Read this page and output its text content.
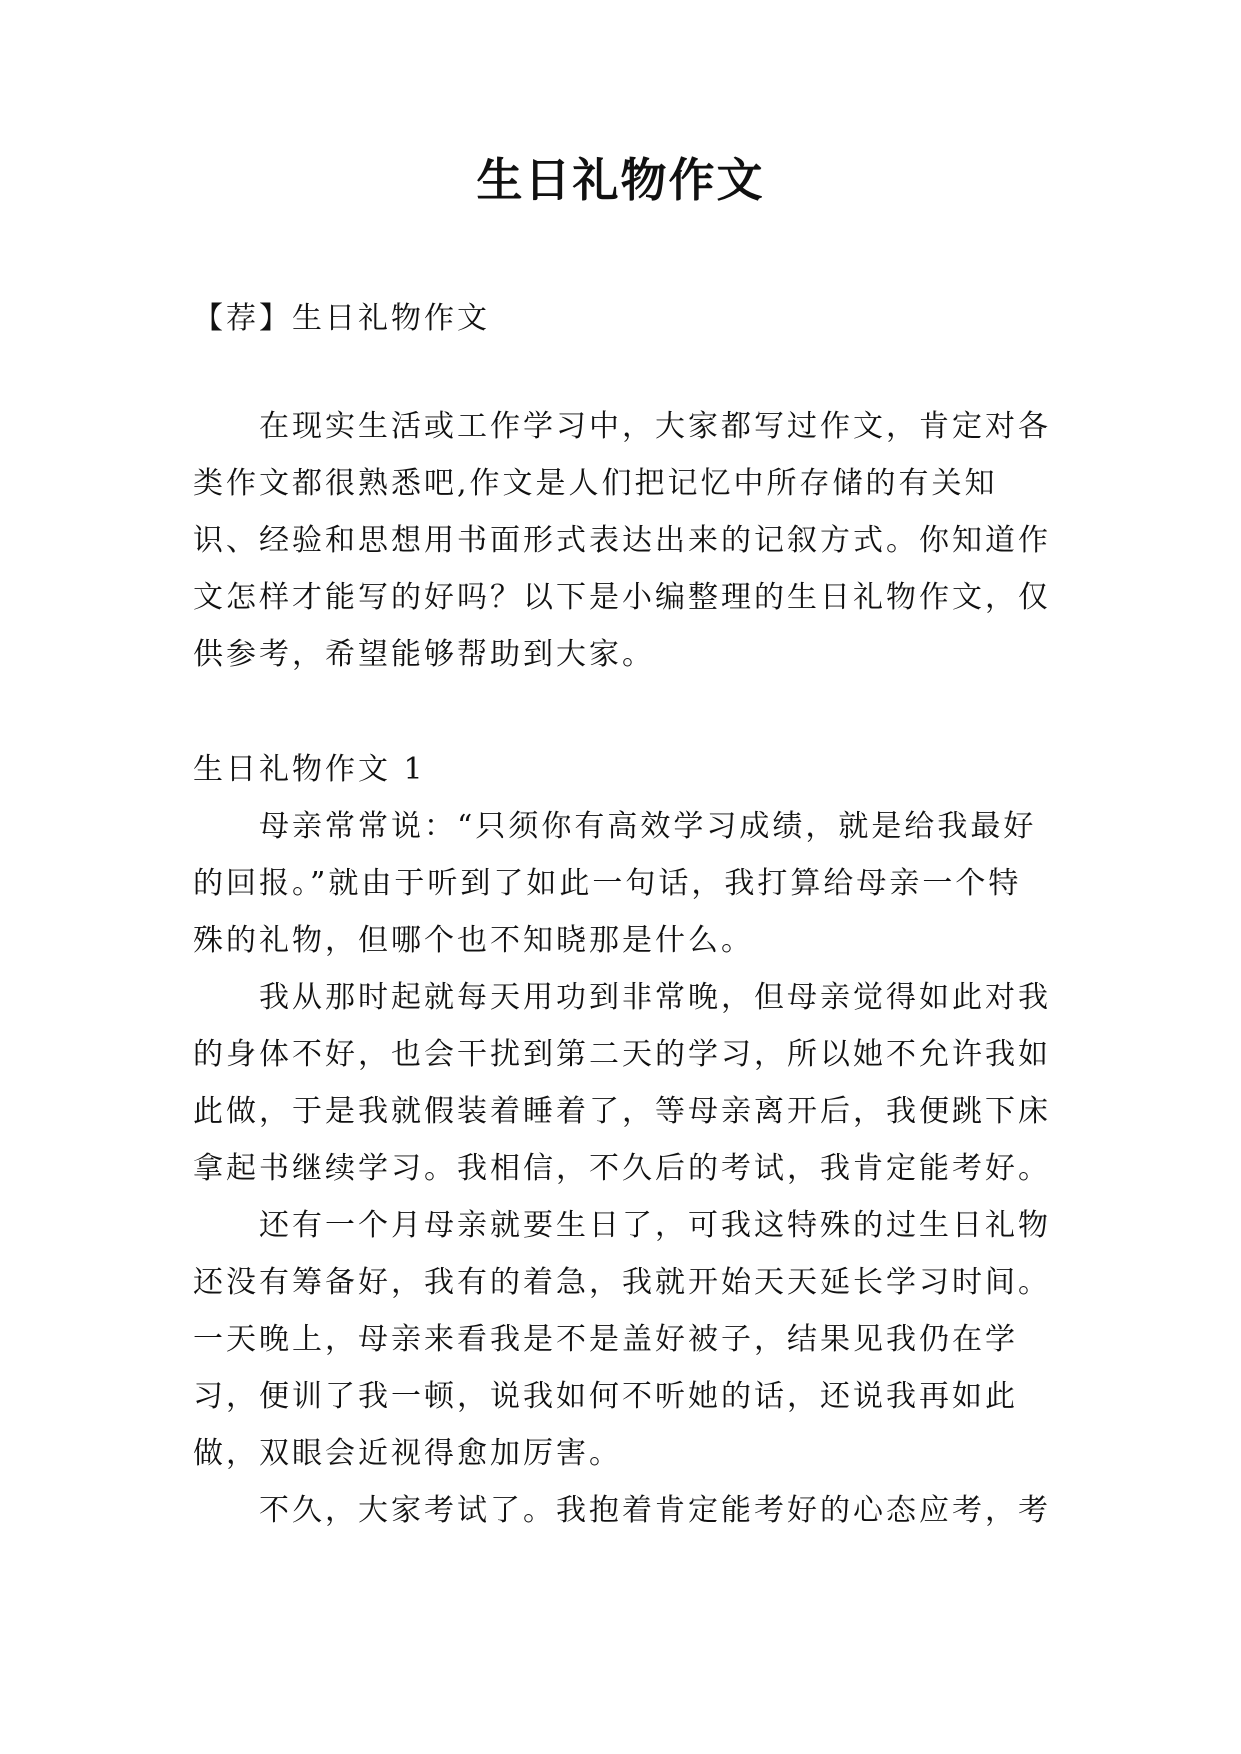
生日礼物作文

【荐】生日礼物作文

在现实生活或工作学习中，大家都写过作文，肯定对各类作文都很熟悉吧,作文是人们把记忆中所存储的有关知识、经验和思想用书面形式表达出来的记叙方式。你知道作文怎样才能写的好吗？以下是小编整理的生日礼物作文，仅供参考，希望能够帮助到大家。

生日礼物作文 1

母亲常常说：“只须你有高效学习成绩，就是给我最好的回报。”就由于听到了如此一句话，我打算给母亲一个特殊的礼物，但哪个也不知晓那是什么。

我从那时起就每天用功到非常晚，但母亲觉得如此对我的身体不好，也会干扰到第二天的学习，所以她不允许我如此做，于是我就假装着睡着了，等母亲离开后，我便跳下床拿起书继续学习。我相信，不久后的考试，我肯定能考好。

还有一个月母亲就要生日了，可我这特殊的过生日礼物还没有筹备好，我有的着急，我就开始天天延长学习时间。一天晚上，母亲来看我是不是盖好被子，结果见我仍在学习，便训了我一顿，说我如何不听她的话，还说我再如此做，双眼会近视得愈加厉害。

不久，大家考试了。我抱着肯定能考好的心态应考，考
